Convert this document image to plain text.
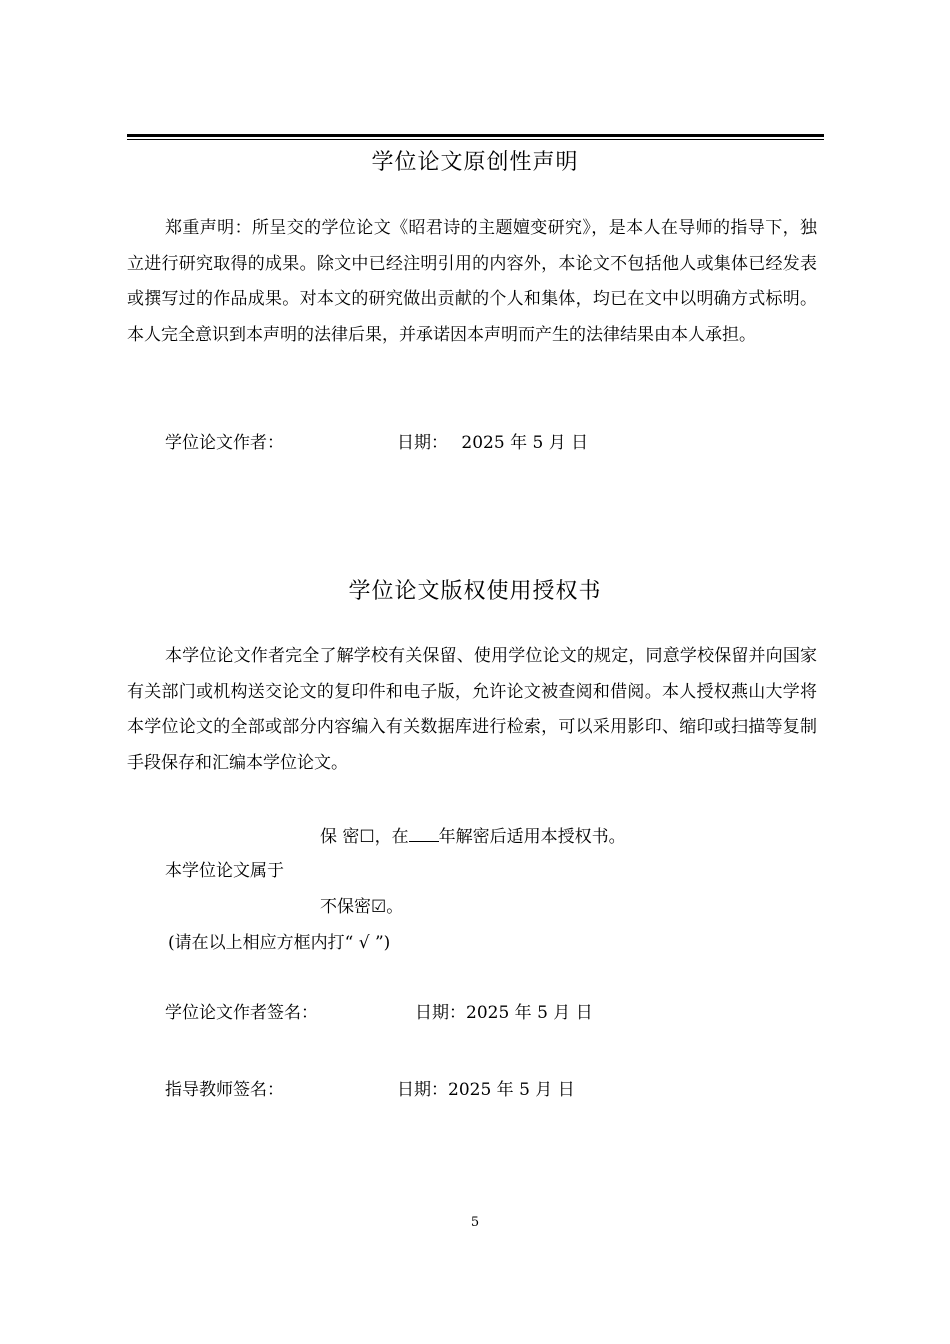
学位论文原创性声明

郑重声明：所呈交的学位论文《昭君诗的主题嬗变研究》，是本人在导师的指导下，独立进行研究取得的成果。除文中已经注明引用的内容外，本论文不包括他人或集体已经发表或撰写过的作品成果。对本文的研究做出贡献的个人和集体，均已在文中以明确方式标明。本人完全意识到本声明的法律后果，并承诺因本声明而产生的法律结果由本人承担。

学位论文作者：	日期： 2025 年 5 月 日
学位论文版权使用授权书

本学位论文作者完全了解学校有关保留、使用学位论文的规定，同意学校保留并向国家有关部门或机构送交论文的复印件和电子版，允许论文被查阅和借阅。本人授权燕山大学将本学位论文的全部或部分内容编入有关数据库进行检索，可以采用影印、缩印或扫描等复制手段保存和汇编本学位论文。

保 密☐，在 年解密后适用本授权书。
本学位论文属于
不保密☑。
(请在以上相应方框内打“ √ ”)
学位论文作者签名：	日期：2025 年 5 月 日
指导教师签名：	日期：2025 年 5 月 日
5
